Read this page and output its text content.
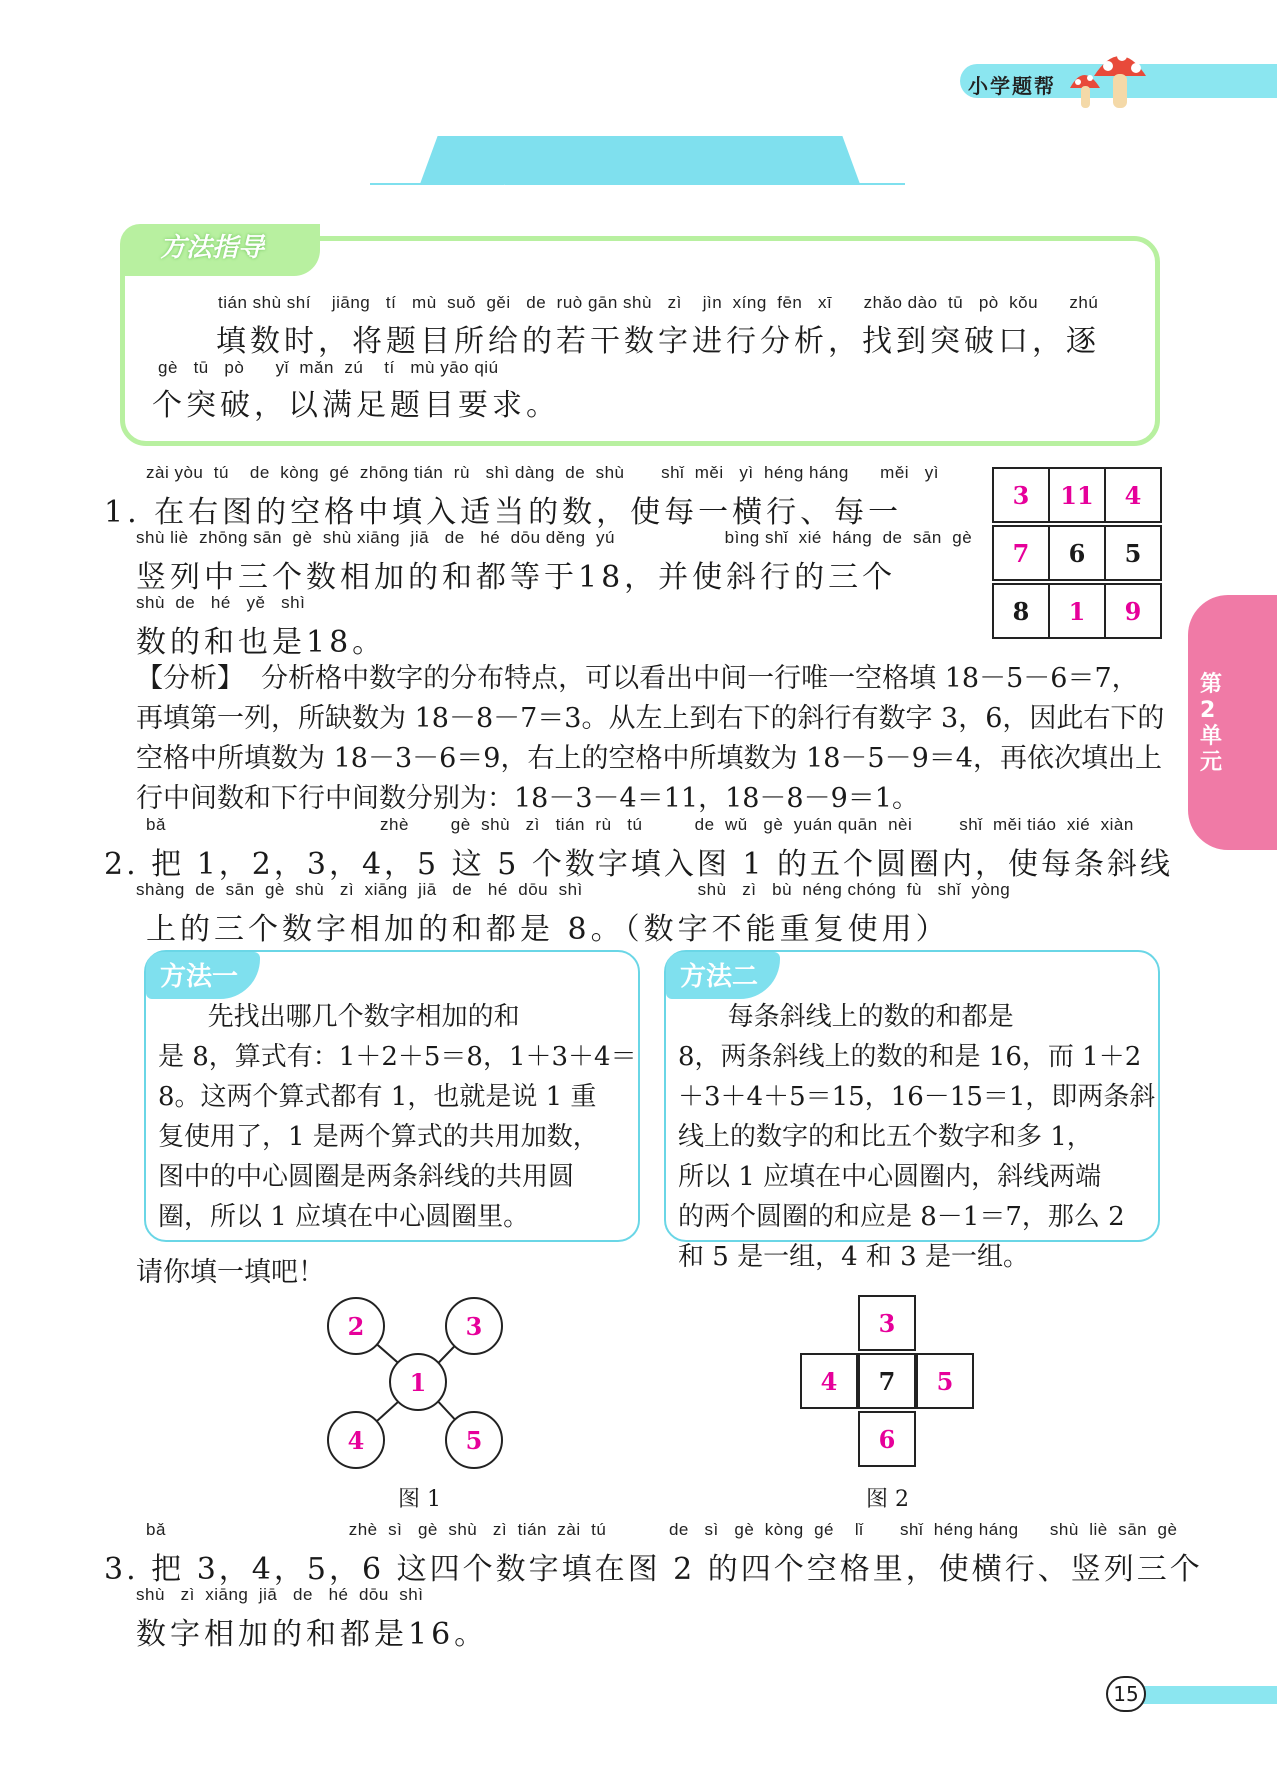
小学题帮

方法技巧帮——填数

方法指导
tián shù shí    jiāng   tí   mù  suǒ  gěi   de  ruò gān shù   zì    jìn  xíng  fēn   xī      zhǎo dào  tū   pò  kǒu      zhú
填数时，将题目所给的若干数字进行分析，找到突破口，逐
gè   tū   pò      yǐ  mǎn  zú    tí   mù yāo qiú
个突破，以满足题目要求。
zài yòu  tú    de  kòng  gé  zhōng tián  rù   shì dàng  de  shù       shǐ  měi   yì  héng háng      měi   yì
1. 在右图的空格中填入适当的数，使每一横行、每一
shù liè  zhōng sān  gè  shù xiāng  jiā   de   hé  dōu děng  yú                     bìng shǐ  xié  háng  de  sān  gè
竖列中三个数相加的和都等于18，并使斜行的三个
shù  de   hé   yě   shì
数的和也是18。
3	11	4
7	6	5
8	1	9
【分析】  分析格中数字的分布特点，可以看出中间一行唯一空格填 18－5－6＝7，
再填第一列，所缺数为 18－8－7＝3。从左上到右下的斜行有数字 3，6，因此右下的
空格中所填数为 18－3－6＝9，右上的空格中所填数为 18－5－9＝4，再依次填出上
行中间数和下行中间数分别为：18－3－4＝11，18－8－9＝1。
bǎ                                         zhè        gè  shù   zì   tián  rù   tú          de  wǔ   gè  yuán quān  nèi         shǐ  měi tiáo  xié  xiàn
2. 把 1，2，3，4，5 这 5 个数字填入图 1 的五个圆圈内，使每条斜线
shàng  de  sān  gè  shù   zì  xiāng  jiā   de   hé  dōu  shì                      shù   zì   bù  néng chóng  fù   shǐ  yòng
上的三个数字相加的和都是 8。（数字不能重复使用）
方法一

先找出哪几个数字相加的和
是 8，算式有：1＋2＋5＝8，1＋3＋4＝
8。这两个算式都有 1，也就是说 1 重
复使用了，1 是两个算式的共用加数，
图中的中心圆圈是两条斜线的共用圆
圈，所以 1 应填在中心圆圈里。

方法二

每条斜线上的数的和都是
8，两条斜线上的数的和是 16，而 1＋2
＋3＋4＋5＝15，16－15＝1，即两条斜
线上的数字的和比五个数字和多 1，
所以 1 应填在中心圆圈内，斜线两端
的两个圆圈的和应是 8－1＝7，那么 2
和 5 是一组，4 和 3 是一组。

请你填一填吧！
2	3
1
4	5
图 1
3
4	7	5
6
图 2
bǎ                                   zhè  sì   gè  shù   zì  tián  zài  tú            de   sì   gè  kòng  gé    lǐ       shǐ  héng háng      shù  liè  sān  gè
3. 把 3，4，5，6 这四个数字填在图 2 的四个空格里，使横行、竖列三个
shù   zì  xiāng  jiā   de   hé  dōu  shì
数字相加的和都是16。
第2单元
15
